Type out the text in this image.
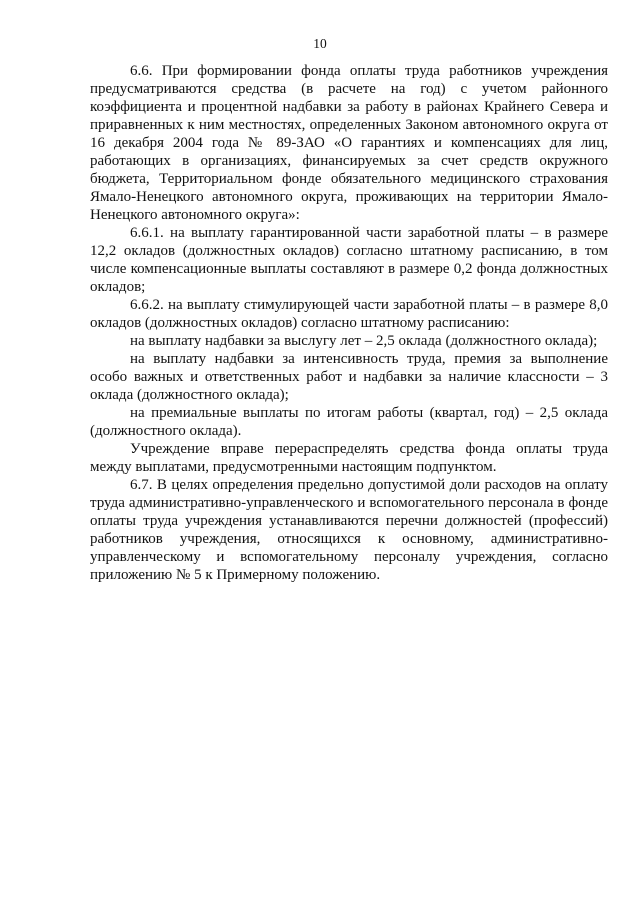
10

6.6. При формировании фонда оплаты труда работников учреждения предусматриваются средства (в расчете на год) с учетом районного коэффициента и процентной надбавки за работу в районах Крайнего Севера и приравненных к ним местностях, определенных Законом автономного округа от 16 декабря 2004 года № 89-ЗАО «О гарантиях и компенсациях для лиц, работающих в организациях, финансируемых за счет средств окружного бюджета, Территориальном фонде обязательного медицинского страхования Ямало-Ненецкого автономного округа, проживающих на территории Ямало-Ненецкого автономного округа»:

6.6.1. на выплату гарантированной части заработной платы – в размере 12,2 окладов (должностных окладов) согласно штатному расписанию, в том числе компенсационные выплаты составляют в размере 0,2 фонда должностных окладов;

6.6.2. на выплату стимулирующей части заработной платы – в размере 8,0 окладов (должностных окладов) согласно штатному расписанию:

на выплату надбавки за выслугу лет – 2,5 оклада (должностного оклада);

на выплату надбавки за интенсивность труда, премия за выполнение особо важных и ответственных работ и надбавки за наличие классности – 3 оклада (должностного оклада);

на премиальные выплаты по итогам работы (квартал, год) – 2,5 оклада (должностного оклада).

Учреждение вправе перераспределять средства фонда оплаты труда между выплатами, предусмотренными настоящим подпунктом.

6.7. В целях определения предельно допустимой доли расходов на оплату труда административно-управленческого и вспомогательного персонала в фонде оплаты труда учреждения устанавливаются перечни должностей (профессий) работников учреждения, относящихся к основному, административно-управленческому и вспомогательному персоналу учреждения, согласно приложению № 5 к Примерному положению.
